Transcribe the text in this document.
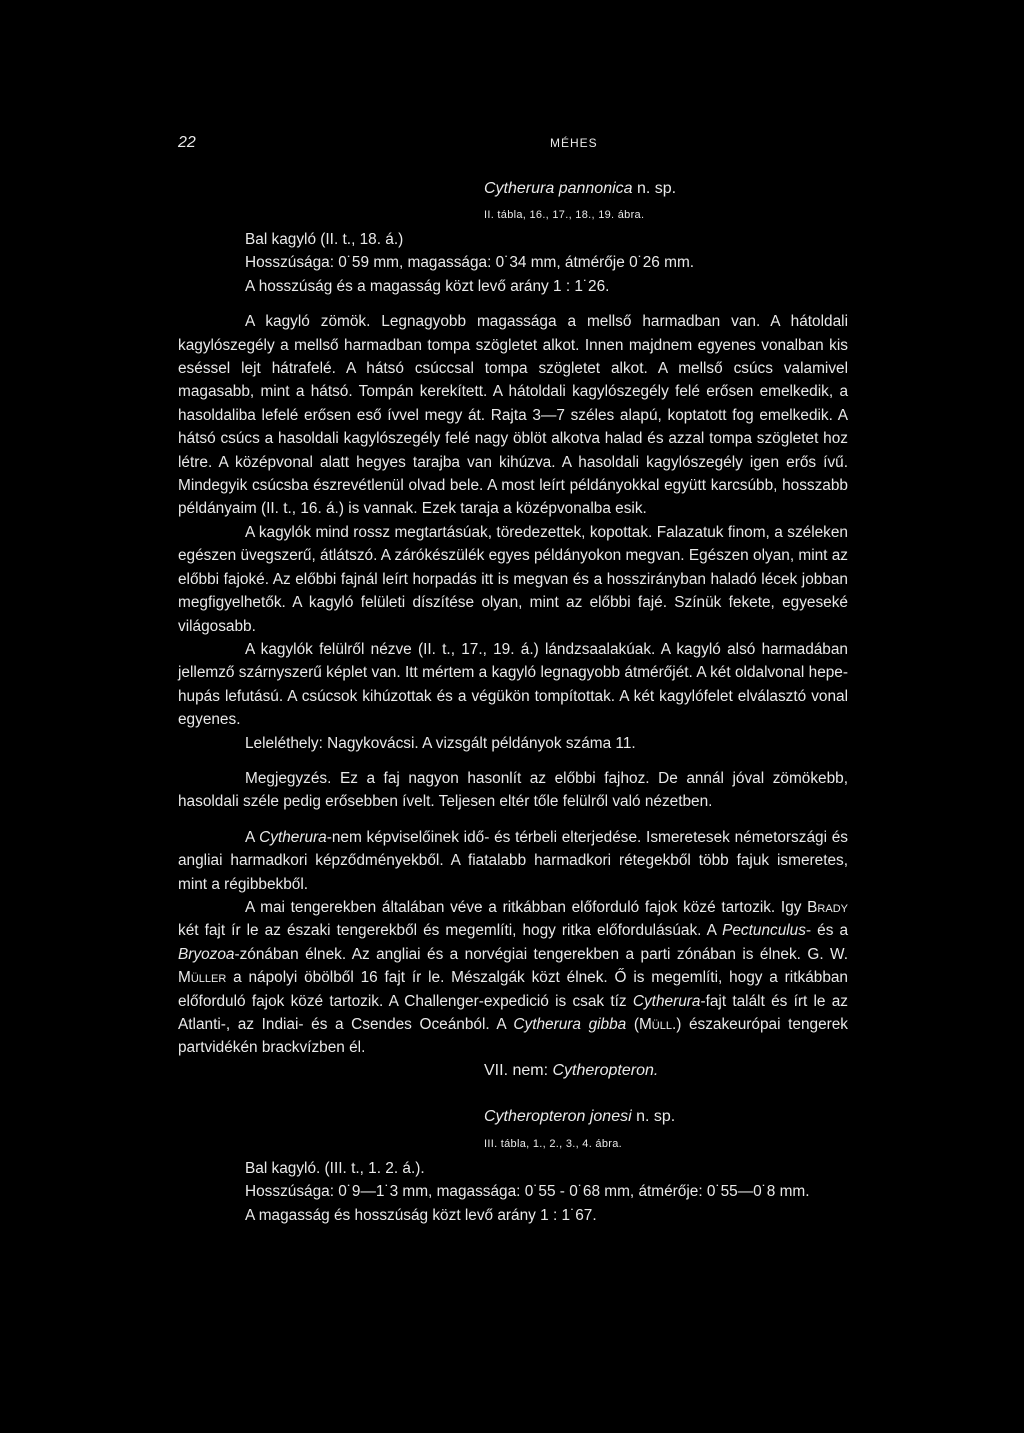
22	MÉHES
Cytherura pannonica n. sp.
II. tábla, 16., 17., 18., 19. ábra.
Bal kagyló (II. t., 18. á.)
Hosszúsága: 0˙59 mm, magassága: 0˙34 mm, átmérője 0˙26 mm.
A hosszúság és a magasság közt levő arány 1 : 1˙26.

A kagyló zömök. Legnagyobb magassága a mellső harmadban van. A hátoldali kagylószegély a mellső harmadban tompa szögletet alkot. Innen majdnem egyenes vonalban kis eséssel lejt hátrafelé. A hátsó csúccsal tompa szögletet alkot. A mellső csúcs valamivel magasabb, mint a hátsó. Tompán kerekített. A hátoldali kagylószegély felé erősen emelkedik, a hasoldaliba lefelé erősen eső ívvel megy át. Rajta 3—7 széles alapú, koptatott fog emelkedik. A hátsó csúcs a hasoldali kagylószegély felé nagy öblöt alkotva halad és azzal tompa szögletet hoz létre. A középvonal alatt hegyes tarajba van kihúzva. A hasoldali kagylószegély igen erős ívű. Mindegyik csúcsba észrevétlenül olvad bele. A most leírt példányokkal együtt karcsúbb, hosszabb példányaim (II. t., 16. á.) is vannak. Ezek taraja a középvonalba esik.

A kagylók mind rossz megtartásúak, töredezettek, kopottak. Falazatuk finom, a széleken egészen üvegszerű, átlátszó. A zárókészülék egyes példányokon megvan. Egészen olyan, mint az előbbi fajoké. Az előbbi fajnál leírt horpadás itt is megvan és a hosszirányban haladó lécek jobban megfigyelhetők. A kagyló felületi díszítése olyan, mint az előbbi fajé. Színük fekete, egyeseké világosabb.

A kagylók felülről nézve (II. t., 17., 19. á.) lándzsaalakúak. A kagyló alsó harmadában jellemző szárnyszerű képlet van. Itt mértem a kagyló legnagyobb átmérőjét. A két oldalvonal hepe-hupás lefutású. A csúcsok kihúzottak és a végükön tompítottak. A két kagylófelet elválasztó vonal egyenes.

Leleléthely: Nagykovácsi. A vizsgált példányok száma 11.

Megjegyzés. Ez a faj nagyon hasonlít az előbbi fajhoz. De annál jóval zömökebb, hasoldali széle pedig erősebben ívelt. Teljesen eltér tőle felülről való nézetben.

A Cytherura-nem képviselőinek idő- és térbeli elterjedése. Ismeretesek németországi és angliai harmadkori képződményekből. A fiatalabb harmadkori rétegekből több fajuk ismeretes, mint a régibbekből.

A mai tengerekben általában véve a ritkábban előforduló fajok közé tartozik. Igy Brady két fajt ír le az északi tengerekből és megemlíti, hogy ritka előfordulásúak. A Pectunculus- és a Bryozoa-zónában élnek. Az angliai és a norvégiai tengerekben a parti zónában is élnek. G. W. Müller a nápolyi öbölből 16 fajt ír le. Mészalgák közt élnek. Ő is megemlíti, hogy a ritkábban előforduló fajok közé tartozik. A Challenger-expedició is csak tíz Cytherura-fajt talált és írt le az Atlanti-, az Indiai- és a Csendes Oceánból. A Cytherura gibba (Müll.) északeurópai tengerek partvidékén brackvízben él.

VII. nem: Cytheropteron.
Cytheropteron jonesi n. sp.
III. tábla, 1., 2., 3., 4. ábra.
Bal kagyló. (III. t., 1. 2. á.).
Hosszúsága: 0˙9—1˙3 mm, magassága: 0˙55 - 0˙68 mm, átmérője: 0˙55—0˙8 mm.
A magasság és hosszúság közt levő arány 1 : 1˙67.
